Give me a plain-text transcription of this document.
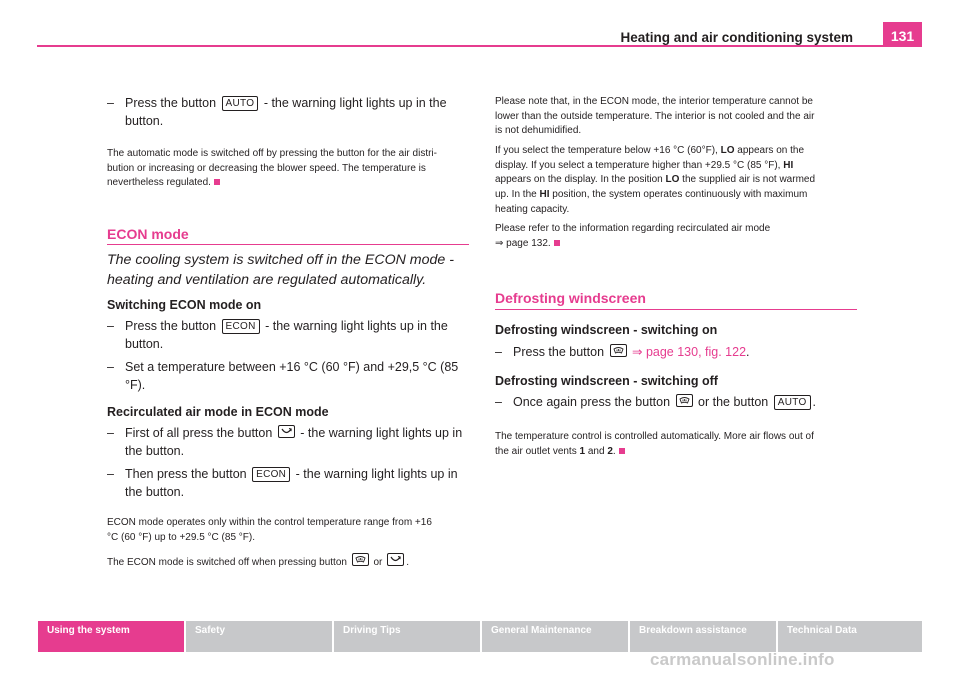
Heating and air conditioning system	131
– Press the button AUTO - the warning light lights up in the
button.
The automatic mode is switched off by pressing the button for the air distri-
bution or increasing or decreasing the blower speed. The temperature is
nevertheless regulated.
ECON mode
The cooling system is switched off in the ECON mode -
heating and ventilation are regulated automatically.
Switching ECON mode on
– Press the button ECON - the warning light lights up in the
button.
– Set a temperature between +16 °C (60 °F) and +29,5 °C (85
°F).
Recirculated air mode in ECON mode
– First of all press the button - the warning light lights up in
the button.
– Then press the button ECON - the warning light lights up in
the button.
ECON mode operates only within the control temperature range from +16
°C (60 °F) up to +29.5 °C (85 °F).
The ECON mode is switched off when pressing button	or .
Please note that, in the ECON mode, the interior temperature cannot be
lower than the outside temperature. The interior is not cooled and the air
is not dehumidified.
If you select the temperature below +16 °C (60°F), LO appears on the
display. If you select a temperature higher than +29.5 °C (85 °F), HI
appears on the display. In the position LO the supplied air is not warmed
up. In the HI position, the system operates continuously with maximum
heating capacity.
Please refer to the information regarding recirculated air mode
⇒ page 132.
Defrosting windscreen
Defrosting windscreen - switching on
– Press the button ⇒ page 130, fig. 122.
Defrosting windscreen - switching off
– Once again press the button or the button AUTO .
The temperature control is controlled automatically. More air flows out of
the air outlet vents 1 and 2.
Using the system	Safety	Driving Tips	General Maintenance	Breakdown assistance	Technical Data
carmanualsonline.info
